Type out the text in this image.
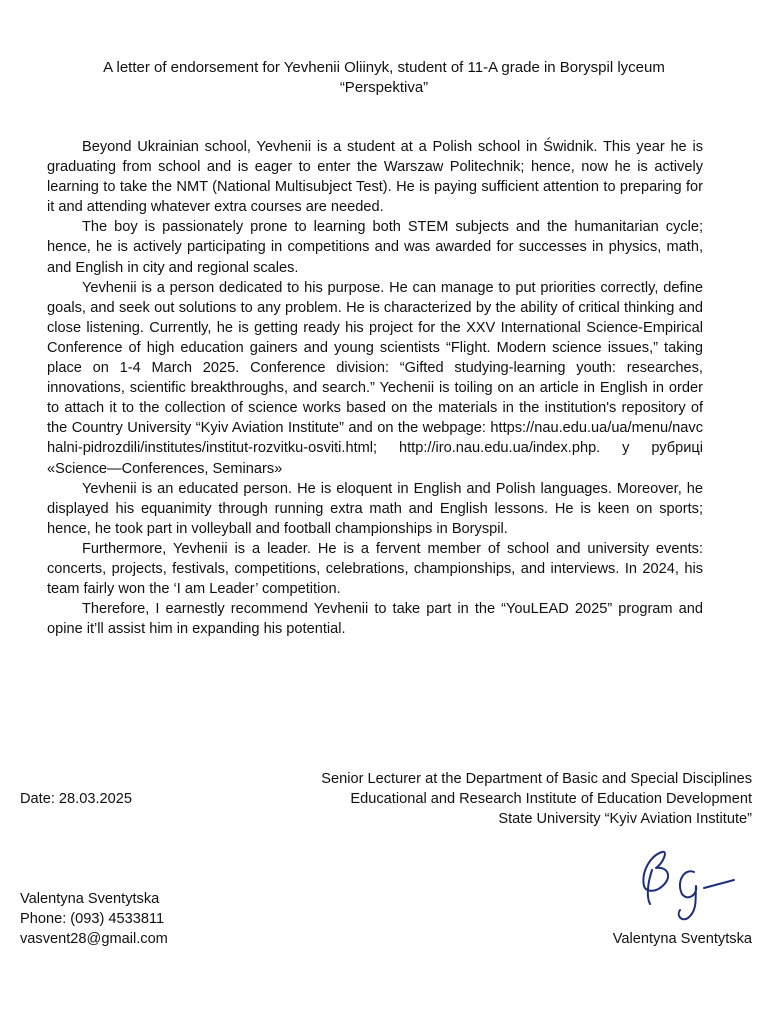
A letter of endorsement for Yevhenii Oliinyk, student of 11-A grade in Boryspil lyceum
“Perspektiva”

Beyond Ukrainian school, Yevhenii is a student at a Polish school in Świdnik. This year he is graduating from school and is eager to enter the Warszaw Politechnik; hence, now he is actively learning to take the NMT (National Multisubject Test). He is paying sufficient attention to preparing for it and attending whatever extra courses are needed.

The boy is passionately prone to learning both STEM subjects and the humanitarian cycle; hence, he is actively participating in competitions and was awarded for successes in physics, math, and English in city and regional scales.

Yevhenii is a person dedicated to his purpose. He can manage to put priorities correctly, define goals, and seek out solutions to any problem. He is characterized by the ability of critical thinking and close listening. Currently, he is getting ready his project for the XXV International Science-Empirical Conference of high education gainers and young scientists “Flight. Modern science issues,” taking place on 1-4 March 2025. Conference division: “Gifted studying-learning youth: researches, innovations, scientific breakthroughs, and search.” Yechenii is toiling on an article in English in order to attach it to the collection of science works based on the materials in the institution's repository of the Country University “Kyiv Aviation Institute” and on the webpage: https://nau.edu.ua/ua/menu/navchalni-pidrozdili/institutes/institut-rozvitku-osviti.html; http://iro.nau.edu.ua/index.php. у рубриці «Science—Conferences, Seminars»

Yevhenii is an educated person. He is eloquent in English and Polish languages. Moreover, he displayed his equanimity through running extra math and English lessons. He is keen on sports; hence, he took part in volleyball and football championships in Boryspil.

Furthermore, Yevhenii is a leader. He is a fervent member of school and university events: concerts, projects, festivals, competitions, celebrations, championships, and interviews. In 2024, his team fairly won the ‘I am Leader’ competition.

Therefore, I earnestly recommend Yevhenii to take part in the “YouLEAD 2025” program and opine it’ll assist him in expanding his potential.

Date: 28.03.2025
Senior Lecturer at the Department of Basic and Special Disciplines
Educational and Research Institute of Education Development
State University “Kyiv Aviation Institute”
Valentyna Sventytska
Phone: (093) 4533811
vasvent28@gmail.com	Valentyna Sventytska
